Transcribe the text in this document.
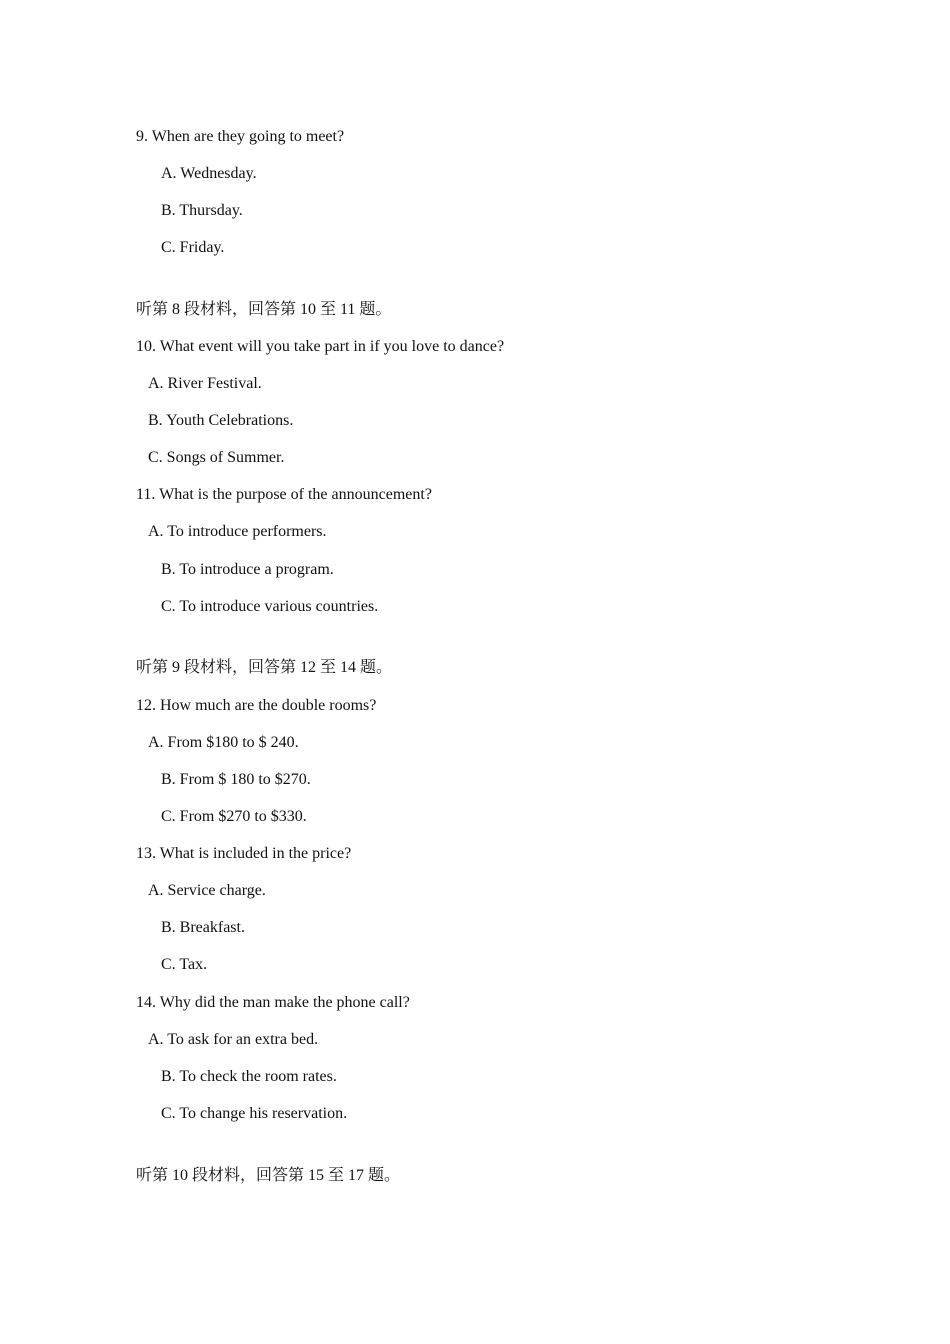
9. When are they going to meet?
A. Wednesday.
B. Thursday.
C. Friday.
听第 8 段材料，回答第 10 至 11 题。
10. What event will you take part in if you love to dance?
A. River Festival.
B. Youth Celebrations.
C. Songs of Summer.
11. What is the purpose of the announcement?
A. To introduce performers.
B. To introduce a program.
C. To introduce various countries.
听第 9 段材料，回答第 12 至 14 题。
12. How much are the double rooms?
A. From $180 to $ 240.
B. From $ 180 to $270.
C. From $270 to $330.
13. What is included in the price?
A. Service charge.
B. Breakfast.
C. Tax.
14. Why did the man make the phone call?
A. To ask for an extra bed.
B. To check the room rates.
C. To change his reservation.
听第 10 段材料，回答第 15 至 17 题。
